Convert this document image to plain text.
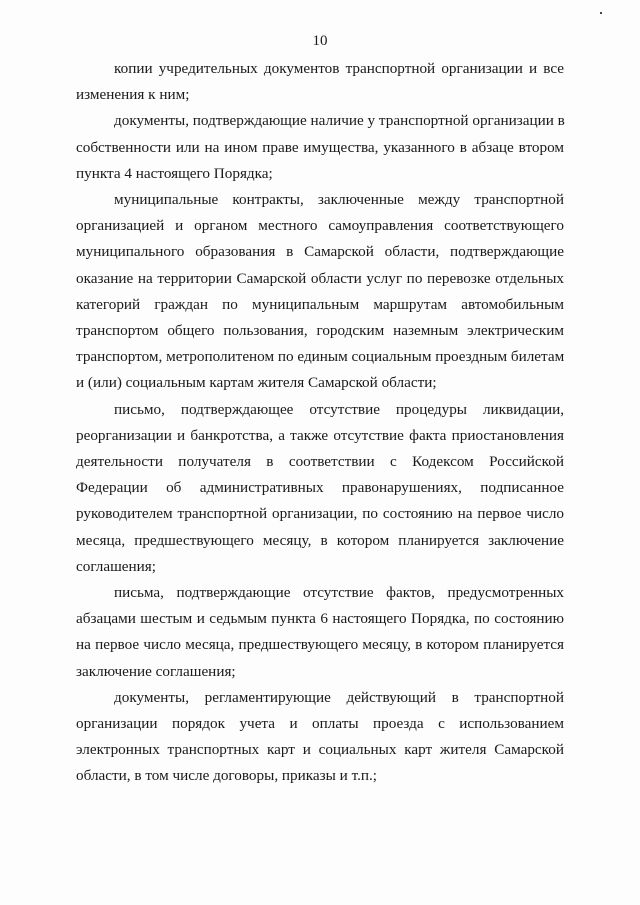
10
копии учредительных документов транспортной организации и все
изменения к ним;
документы, подтверждающие наличие у транспортной организации в
собственности или на ином праве имущества, указанного в абзаце втором
пункта 4 настоящего Порядка;
муниципальные контракты, заключенные между транспортной
организацией и органом местного самоуправления соответствующего
муниципального образования в Самарской области, подтверждающие
оказание на территории Самарской области услуг по перевозке отдельных
категорий граждан по муниципальным маршрутам автомобильным
транспортом общего пользования, городским наземным электрическим
транспортом, метрополитеном по единым социальным проездным билетам
и (или) социальным картам жителя Самарской области;
письмо, подтверждающее отсутствие процедуры ликвидации,
реорганизации и банкротства, а также отсутствие факта приостановления
деятельности получателя в соответствии с Кодексом Российской
Федерации об административных правонарушениях, подписанное
руководителем транспортной организации, по состоянию на первое число
месяца, предшествующего месяцу, в котором планируется заключение
соглашения;
письма, подтверждающие отсутствие фактов, предусмотренных
абзацами шестым и седьмым пункта 6 настоящего Порядка, по состоянию
на первое число месяца, предшествующего месяцу, в котором планируется
заключение соглашения;
документы, регламентирующие действующий в транспортной
организации порядок учета и оплаты проезда с использованием
электронных транспортных карт и социальных карт жителя Самарской
области, в том числе договоры, приказы и т.п.;
